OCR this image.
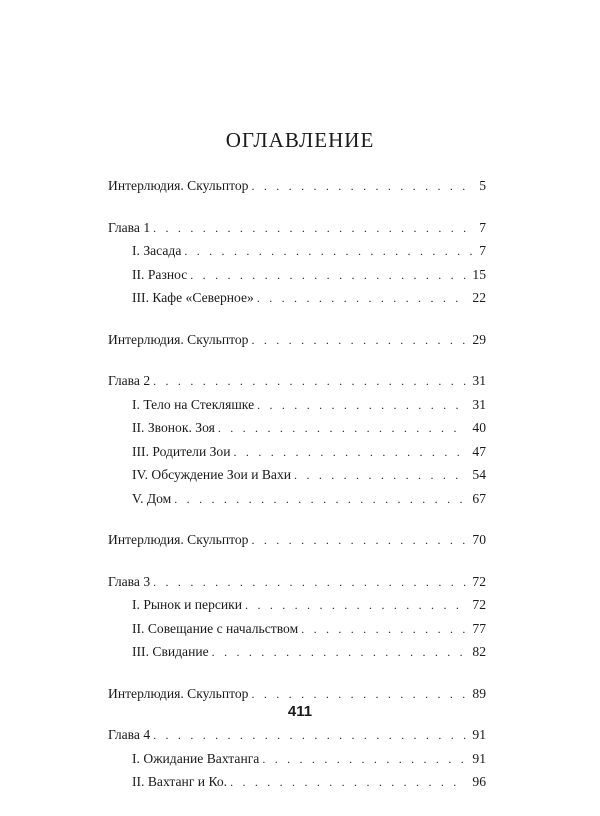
ОГЛАВЛЕНИЕ
Интерлюдия. Скульптор . . .	5
Глава 1 . . .	7
I. Засада . . .	7
II. Разнос . . .	15
III. Кафе «Северное» . . .	22
Интерлюдия. Скульптор . . .	29
Глава 2 . . .	31
I. Тело на Стекляшке . . .	31
II. Звонок. Зоя . . .	40
III. Родители Зои . . .	47
IV. Обсуждение Зои и Вахи . . .	54
V. Дом . . .	67
Интерлюдия. Скульптор . . .	70
Глава 3 . . .	72
I. Рынок и персики . . .	72
II. Совещание с начальством . . .	77
III. Свидание . . .	82
Интерлюдия. Скульптор . . .	89
Глава 4 . . .	91
I. Ожидание Вахтанга . . .	91
II. Вахтанг и Ко. . . .	96
411
